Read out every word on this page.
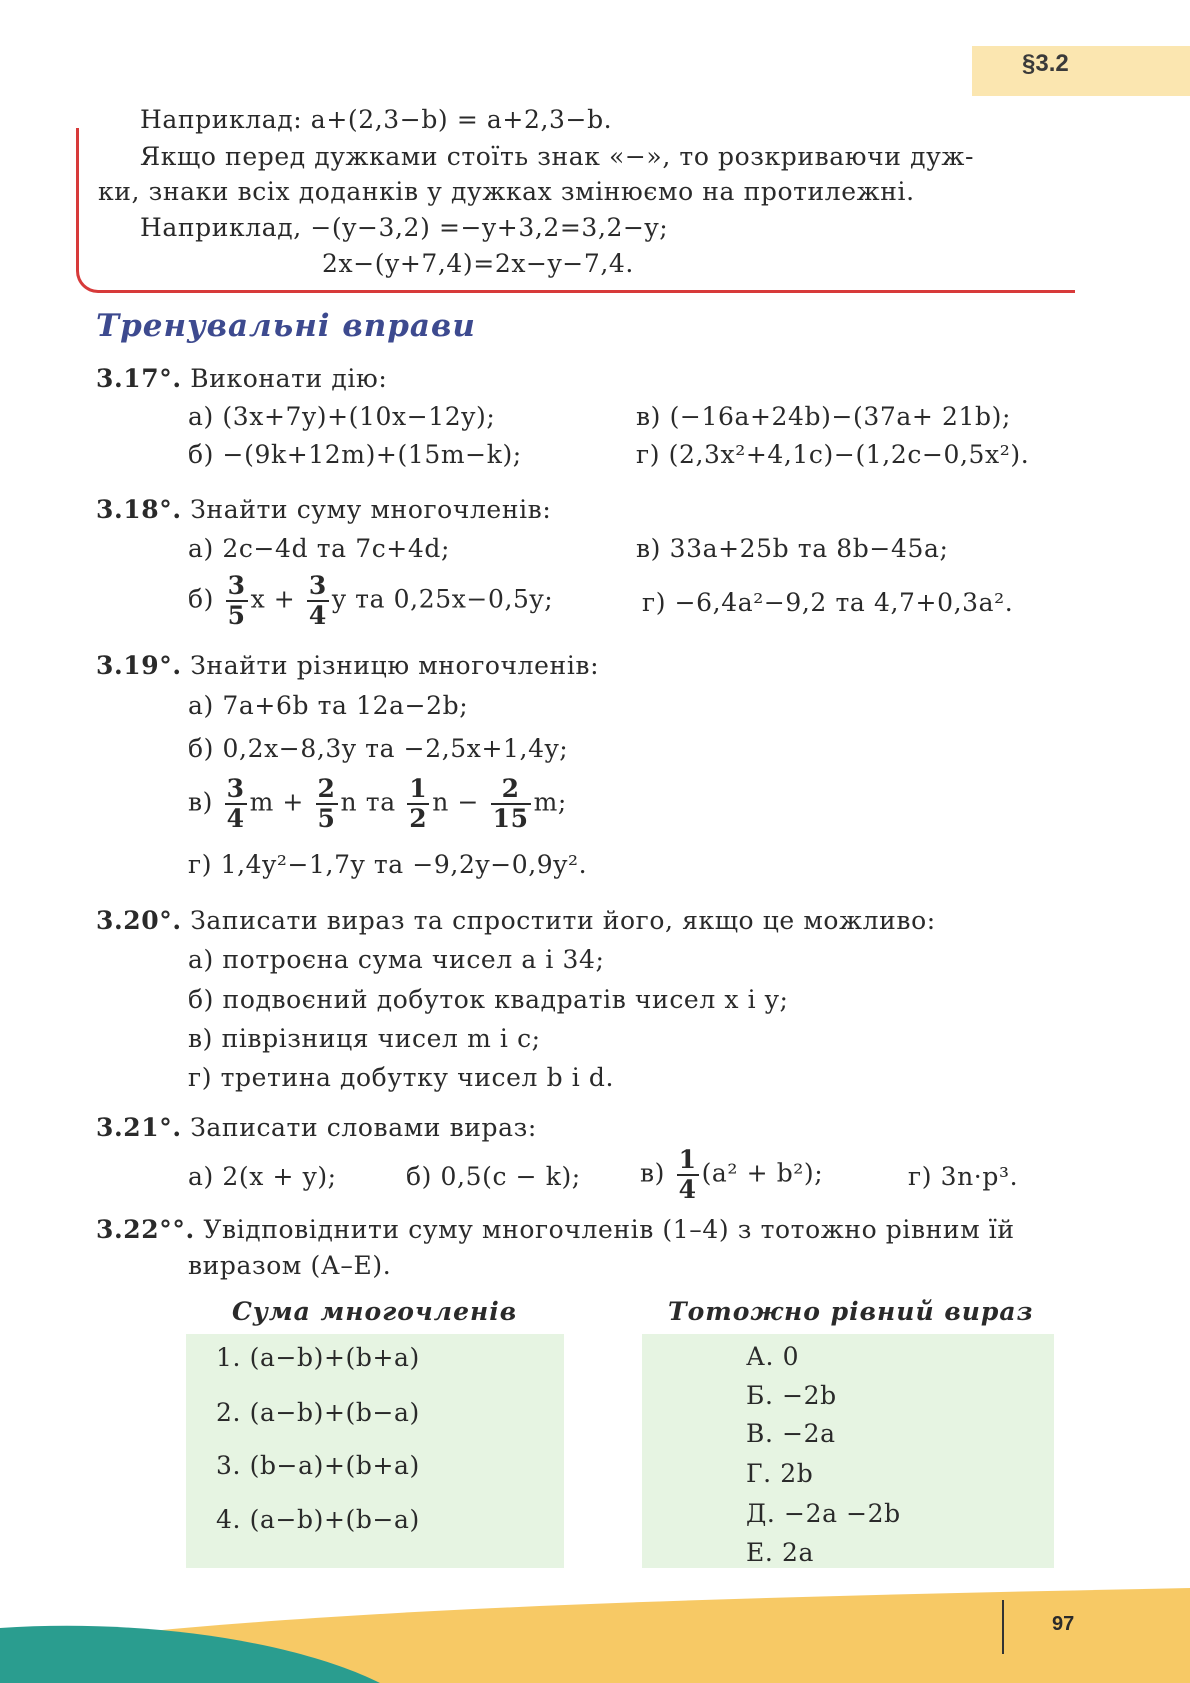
§3.2
Наприклад: a+(2,3−b) = a+2,3−b.
Якщо перед дужками стоїть знак «−», то розкриваючи дуж-
ки, знаки всіх доданків у дужках змінюємо на протилежні.
Наприклад, −(y−3,2) =−y+3,2=3,2−y;
2x−(y+7,4)=2x−y−7,4.
Тренувальні вправи
3.17°. Виконати дію:
а) (3x+7y)+(10x−12y);	в) (−16a+24b)−(37a+ 21b);
б) −(9k+12m)+(15m−k);	г) (2,3x²+4,1c)−(1,2c−0,5x²).
3.18°. Знайти суму многочленів:
а) 2c−4d та 7c+4d;	в) 33a+25b та 8b−45a;
$б) \frac{3}{5}$ $x + \frac{3}{4}$ y та 0,25x−0,5y;	г) −6,4a²−9,2 та 4,7+0,3a².
3.19°. Знайти різницю многочленів:
а) 7a+6b та 12a−2b;
б) 0,2x−8,3y та −2,5x+1,4y;
$в) \frac{3}{4}$ $m + \frac{2}{5}$ n та $\frac{1}{2}$ $n - \frac{2}{15} m$;
г) 1,4y²−1,7y та −9,2y−0,9y².
3.20°. Записати вираз та спростити його, якщо це можливо:
а) потроєна сума чисел a і 34;
б) подвоєний добуток квадратів чисел x і y;
в) піврізниця чисел m і c;
г) третина добутку чисел b і d.
3.21°. Записати словами вираз:
а) 2(x + y);	б) 0,5(c − k); $в) \frac{1}{4} (a^2 + b^2)$;	г) 3n·p³.
3.22°°. Увідповіднити суму многочленів (1–4) з тотожно рівним їй
виразом (А–Е).
Сума многочленів	Тотожно рівний вираз
1. (a−b)+(b+a)
2. (a−b)+(b−a)
3. (b−a)+(b+a)
4. (a−b)+(b−a)
А. 0
Б. −2b
В. −2a
Г. 2b
Д. −2a −2b
Е. 2a
97
